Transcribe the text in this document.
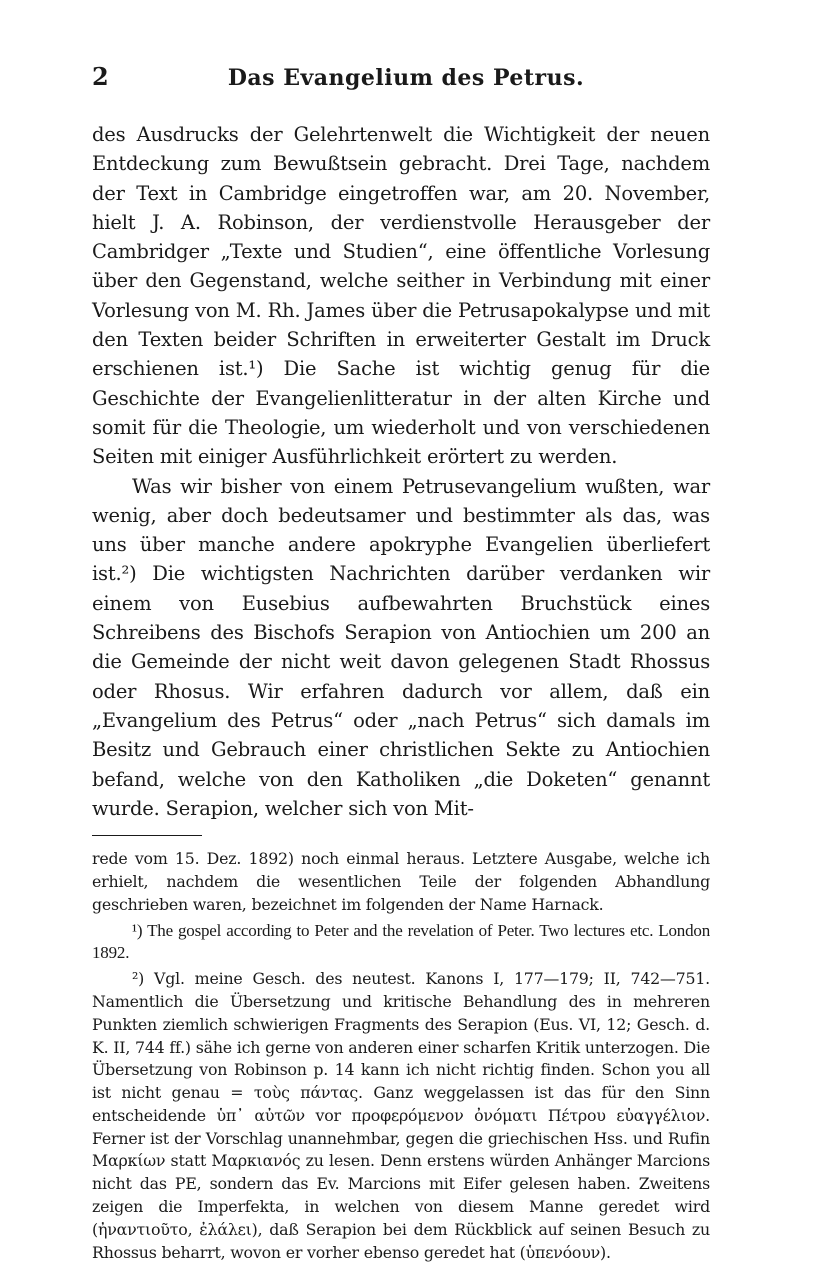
2	Das Evangelium des Petrus.

des Ausdrucks der Gelehrtenwelt die Wichtigkeit der neuen Entdeckung zum Bewußtsein gebracht. Drei Tage, nachdem der Text in Cambridge eingetroffen war, am 20. November, hielt J. A. Robinson, der verdienstvolle Herausgeber der Cambridger „Texte und Studien“, eine öffentliche Vorlesung über den Gegenstand, welche seither in Verbindung mit einer Vorlesung von M. Rh. James über die Petrusapokalypse und mit den Texten beider Schriften in erweiterter Gestalt im Druck erschienen ist.¹) Die Sache ist wichtig genug für die Geschichte der Evangelienlitteratur in der alten Kirche und somit für die Theologie, um wiederholt und von verschiedenen Seiten mit einiger Ausführlichkeit erörtert zu werden.

Was wir bisher von einem Petrusevangelium wußten, war wenig, aber doch bedeutsamer und bestimmter als das, was uns über manche andere apokryphe Evangelien überliefert ist.²) Die wichtigsten Nachrichten darüber verdanken wir einem von Eusebius aufbewahrten Bruchstück eines Schreibens des Bischofs Serapion von Antiochien um 200 an die Gemeinde der nicht weit davon gelegenen Stadt Rhossus oder Rhosus. Wir erfahren dadurch vor allem, daß ein „Evangelium des Petrus“ oder „nach Petrus“ sich damals im Besitz und Gebrauch einer christlichen Sekte zu Antiochien befand, welche von den Katholiken „die Doketen“ genannt wurde. Serapion, welcher sich von Mit-

rede vom 15. Dez. 1892) noch einmal heraus. Letztere Ausgabe, welche ich erhielt, nachdem die wesentlichen Teile der folgenden Abhandlung geschrieben waren, bezeichnet im folgenden der Name Harnack.

¹) The gospel according to Peter and the revelation of Peter. Two lectures etc. London 1892.

²) Vgl. meine Gesch. des neutest. Kanons I, 177—179; II, 742—751. Namentlich die Übersetzung und kritische Behandlung des in mehreren Punkten ziemlich schwierigen Fragments des Serapion (Eus. VI, 12; Gesch. d. K. II, 744 ff.) sähe ich gerne von anderen einer scharfen Kritik unterzogen. Die Übersetzung von Robinson p. 14 kann ich nicht richtig finden. Schon you all ist nicht genau = τοὺς πάντας. Ganz weggelassen ist das für den Sinn entscheidende ὑπ᾽ αὐτῶν vor προφερόμενον ὀνόματι Πέτρου εὐαγγέλιον. Ferner ist der Vorschlag unannehmbar, gegen die griechischen Hss. und Rufin Μαρκίων statt Μαρκιανός zu lesen. Denn erstens würden Anhänger Marcions nicht das PE, sondern das Ev. Marcions mit Eifer gelesen haben. Zweitens zeigen die Imperfekta, in welchen von diesem Manne geredet wird (ἠναντιοῦτο, ἐλάλει), daß Serapion bei dem Rückblick auf seinen Besuch zu Rhossus beharrt, wovon er vorher ebenso geredet hat (ὑπενόουν).
